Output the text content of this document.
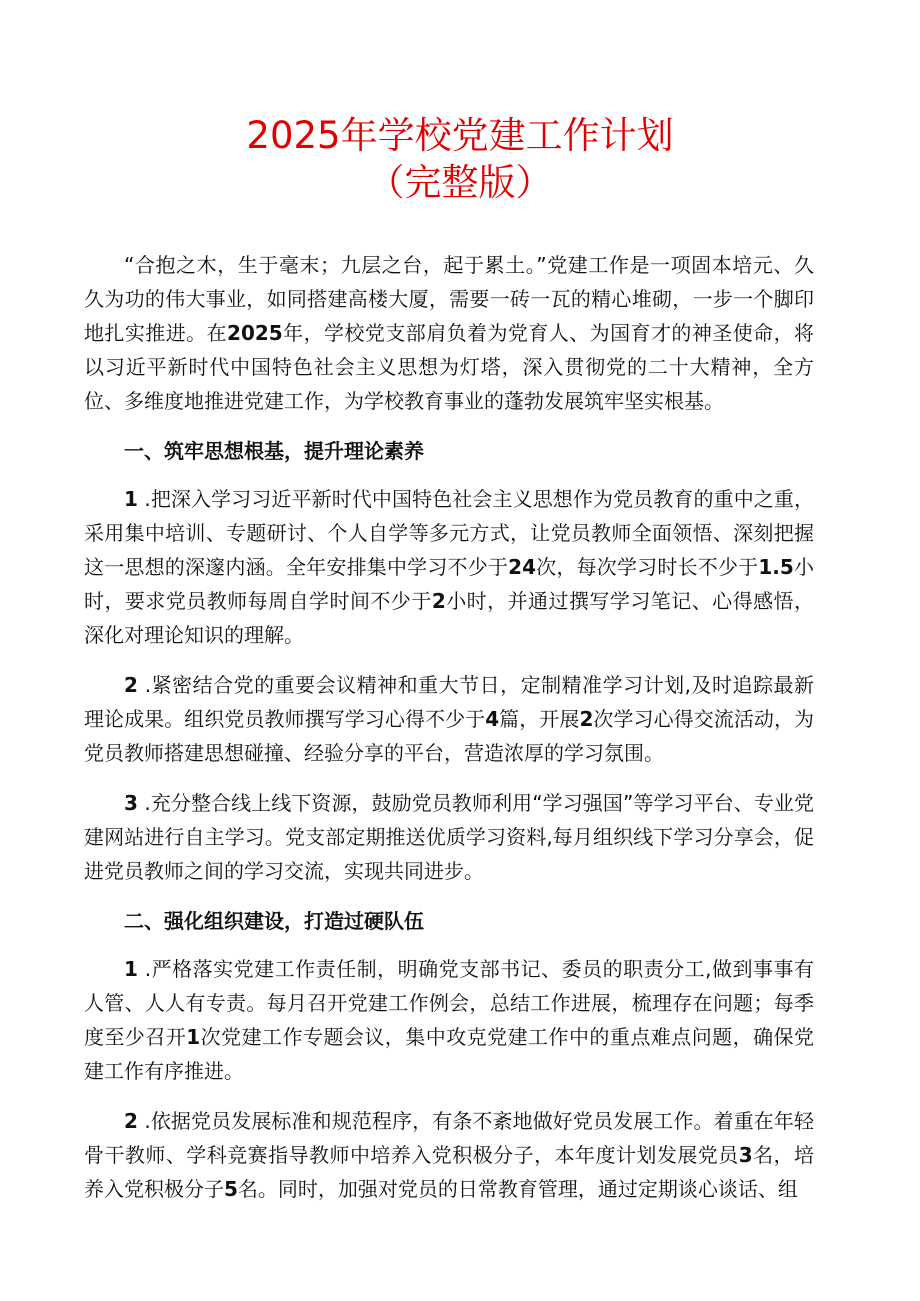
2025年学校党建工作计划
（完整版）

“合抱之木，生于毫末；九层之台，起于累土。”党建工作是一项固本培元、久久为功的伟大事业，如同搭建高楼大厦，需要一砖一瓦的精心堆砌，一步一个脚印地扎实推进。在2025年，学校党支部肩负着为党育人、为国育才的神圣使命，将以习近平新时代中国特色社会主义思想为灯塔，深入贯彻党的二十大精神，全方位、多维度地推进党建工作，为学校教育事业的蓬勃发展筑牢坚实根基。

一、筑牢思想根基，提升理论素养

1 .把深入学习习近平新时代中国特色社会主义思想作为党员教育的重中之重，采用集中培训、专题研讨、个人自学等多元方式，让党员教师全面领悟、深刻把握这一思想的深邃内涵。全年安排集中学习不少于24次，每次学习时长不少于1.5小时，要求党员教师每周自学时间不少于2小时，并通过撰写学习笔记、心得感悟，深化对理论知识的理解。

2 .紧密结合党的重要会议精神和重大节日，定制精准学习计划,及时追踪最新理论成果。组织党员教师撰写学习心得不少于4篇，开展2次学习心得交流活动，为党员教师搭建思想碰撞、经验分享的平台，营造浓厚的学习氛围。

3 .充分整合线上线下资源，鼓励党员教师利用“学习强国”等学习平台、专业党建网站进行自主学习。党支部定期推送优质学习资料,每月组织线下学习分享会，促进党员教师之间的学习交流，实现共同进步。

二、强化组织建设，打造过硬队伍

1 .严格落实党建工作责任制，明确党支部书记、委员的职责分工,做到事事有人管、人人有专责。每月召开党建工作例会，总结工作进展，梳理存在问题；每季度至少召开1次党建工作专题会议，集中攻克党建工作中的重点难点问题，确保党建工作有序推进。

2 .依据党员发展标准和规范程序，有条不紊地做好党员发展工作。着重在年轻骨干教师、学科竞赛指导教师中培养入党积极分子，本年度计划发展党员3名，培养入党积极分子5名。同时，加强对党员的日常教育管理，通过定期谈心谈话、组
